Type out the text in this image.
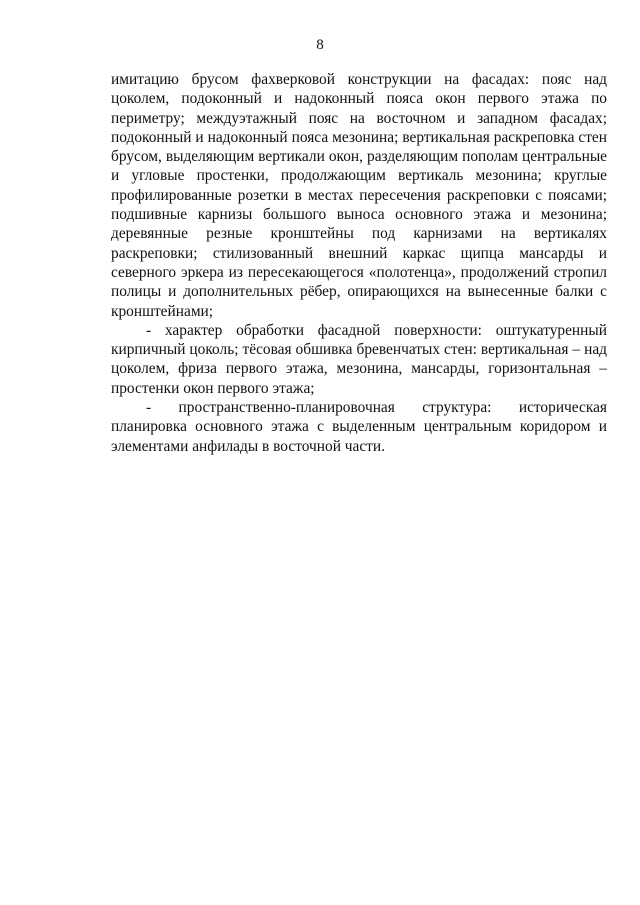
8

имитацию брусом фахверковой конструкции на фасадах: пояс над цоколем, подоконный и надоконный пояса окон первого этажа по периметру; междуэтажный пояс на восточном и западном фасадах; подоконный и надоконный пояса мезонина; вертикальная раскреповка стен брусом, выделяющим вертикали окон, разделяющим пополам центральные и угловые простенки, продолжающим вертикаль мезонина; круглые профилированные розетки в местах пересечения раскреповки с поясами; подшивные карнизы большого выноса основного этажа и мезонина; деревянные резные кронштейны под карнизами на вертикалях раскреповки; стилизованный внешний каркас щипца мансарды и северного эркера из пересекающегося «полотенца», продолжений стропил полицы и дополнительных рёбер, опирающихся на вынесенные балки с кронштейнами;

- характер обработки фасадной поверхности: оштукатуренный кирпичный цоколь; тёсовая обшивка бревенчатых стен: вертикальная – над цоколем, фриза первого этажа, мезонина, мансарды, горизонтальная – простенки окон первого этажа;

- пространственно-планировочная структура: историческая планировка основного этажа с выделенным центральным коридором и элементами анфилады в восточной части.
